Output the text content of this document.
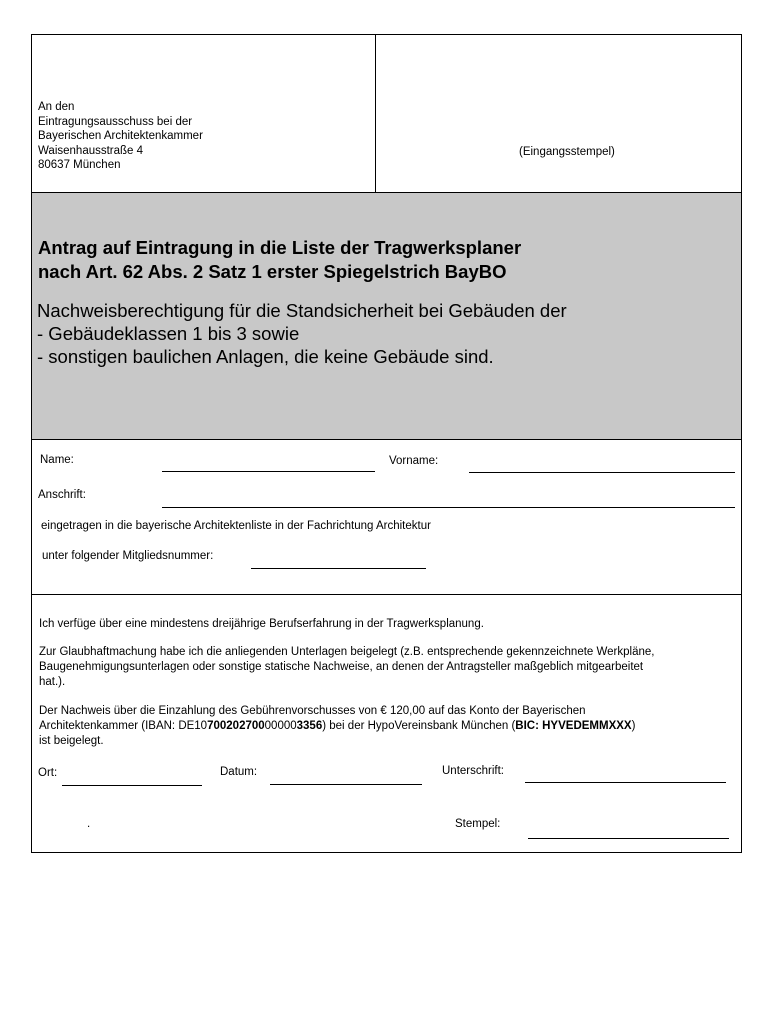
An den
Eintragungsausschuss bei der
Bayerischen Architektenkammer
Waisenhausstraße 4
80637 München
(Eingangsstempel)
Antrag auf Eintragung in die Liste der Tragwerksplaner
nach Art. 62 Abs. 2 Satz 1 erster Spiegelstrich BayBO
Nachweisberechtigung für die Standsicherheit bei Gebäuden der
- Gebäudeklassen 1 bis 3 sowie
- sonstigen baulichen Anlagen, die keine Gebäude sind.
Name:	Vorname:
Anschrift:
eingetragen in die bayerische Architektenliste in der Fachrichtung Architektur
unter folgender Mitgliedsnummer:
Ich verfüge über eine mindestens dreijährige Berufserfahrung in der Tragwerksplanung.
Zur Glaubhaftmachung habe ich die anliegenden Unterlagen beigelegt (z.B. entsprechende gekennzeichnete Werkpläne,
Baugenehmigungsunterlagen oder sonstige statische Nachweise, an denen der Antragsteller maßgeblich mitgearbeitet
hat.).
Der Nachweis über die Einzahlung des Gebührenvorschusses von € 120,00 auf das Konto der Bayerischen
Architektenkammer (IBAN: DE10700202700000003356) bei der HypoVereinsbank München (BIC: HYVEDEMMXXX)
ist beigelegt.
Ort:	Datum:	Unterschrift:
.	Stempel:
